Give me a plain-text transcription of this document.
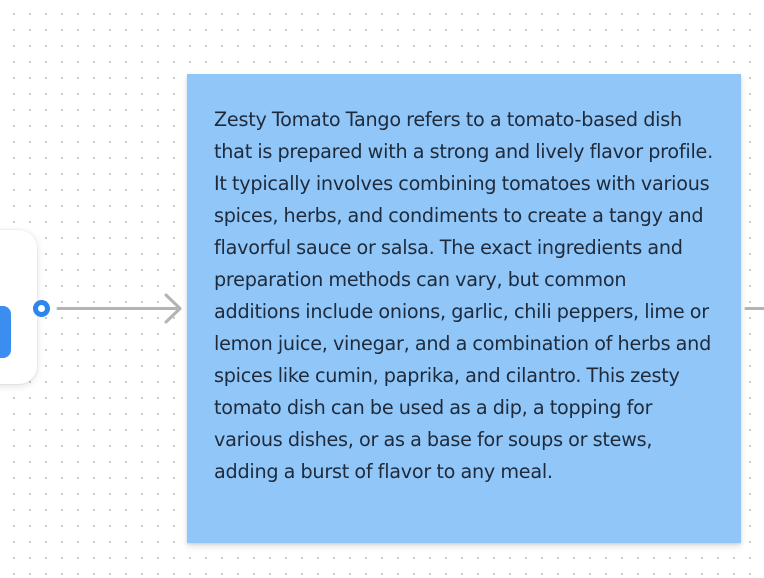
Zesty Tomato Tango refers to a tomato-based dish that is prepared with a strong and lively flavor profile. It typically involves combining tomatoes with various spices, herbs, and condiments to create a tangy and flavorful sauce or salsa. The exact ingredients and preparation methods can vary, but common additions include onions, garlic, chili peppers, lime or lemon juice, vinegar, and a combination of herbs and spices like cumin, paprika, and cilantro. This zesty tomato dish can be used as a dip, a topping for various dishes, or as a base for soups or stews, adding a burst of flavor to any meal.
